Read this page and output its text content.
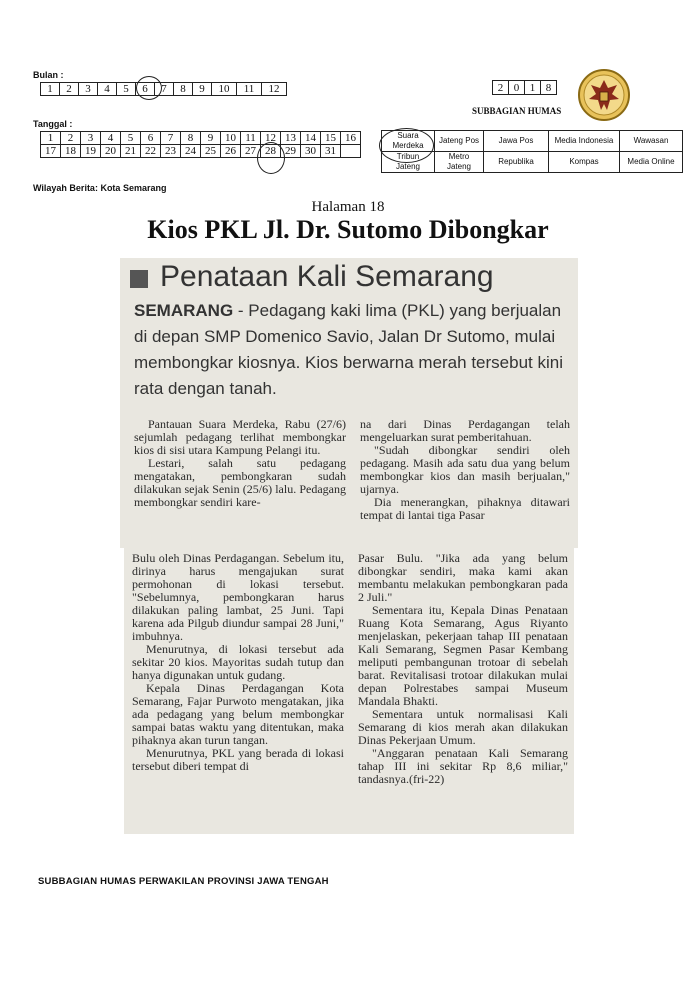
Bulan :
1	2	3	4	5	6	7	8	9	10	11	12
Tanggal :
1	2	3	4	5	6	7	8	9	10	11	12	13	14	15	16
17	18	19	20	21	22	23	24	25	26	27	28	29	30	31	
Wilayah Berita: Kota Semarang
2	0	1	8
SUBBAGIAN HUMAS
Suara Merdeka	Jateng Pos	Jawa Pos	Media Indonesia	Wawasan
Tribun Jateng	Metro Jateng	Republika	Kompas	Media Online
Halaman 18
Kios PKL Jl. Dr. Sutomo Dibongkar
Penataan Kali Semarang
SEMARANG - Pedagang kaki lima (PKL) yang berjualan di depan SMP Domenico Savio, Jalan Dr Sutomo, mulai membongkar kiosnya. Kios berwarna merah tersebut kini rata dengan tanah.

Pantauan Suara Merdeka, Rabu (27/6) sejumlah pedagang terlihat membongkar kios di sisi utara Kampung Pelangi itu.

Lestari, salah satu pedagang mengatakan, pembongkaran sudah dilakukan sejak Senin (25/6) lalu. Pedagang membongkar sendiri kare-

na dari Dinas Perdagangan telah mengeluarkan surat pemberitahuan.

"Sudah dibongkar sendiri oleh pedagang. Masih ada satu dua yang belum membongkar kios dan masih berjualan," ujarnya.

Dia menerangkan, pihaknya ditawari tempat di lantai tiga Pasar

Bulu oleh Dinas Perdagangan. Sebelum itu, dirinya harus mengajukan surat permohonan di lokasi tersebut. "Sebelumnya, pembongkaran harus dilakukan paling lambat, 25 Juni. Tapi karena ada Pilgub diundur sampai 28 Juni," imbuhnya.

Menurutnya, di lokasi tersebut ada sekitar 20 kios. Mayoritas sudah tutup dan hanya digunakan untuk gudang.

Kepala Dinas Perdagangan Kota Semarang, Fajar Purwoto mengatakan, jika ada pedagang yang belum membongkar sampai batas waktu yang ditentukan, maka pihaknya akan turun tangan.

Menurutnya, PKL yang berada di lokasi tersebut diberi tempat di

Pasar Bulu. "Jika ada yang belum dibongkar sendiri, maka kami akan membantu melakukan pembongkaran pada 2 Juli."

Sementara itu, Kepala Dinas Penataan Ruang Kota Semarang, Agus Riyanto menjelaskan, pekerjaan tahap III penataan Kali Semarang, Segmen Pasar Kembang meliputi pembangunan trotoar di sebelah barat. Revitalisasi trotoar dilakukan mulai depan Polrestabes sampai Museum Mandala Bhakti.

Sementara untuk normalisasi Kali Semarang di kios merah akan dilakukan Dinas Pekerjaan Umum.

"Anggaran penataan Kali Semarang tahap III ini sekitar Rp 8,6 miliar," tandasnya.(fri-22)

SUBBAGIAN HUMAS PERWAKILAN PROVINSI JAWA TENGAH
